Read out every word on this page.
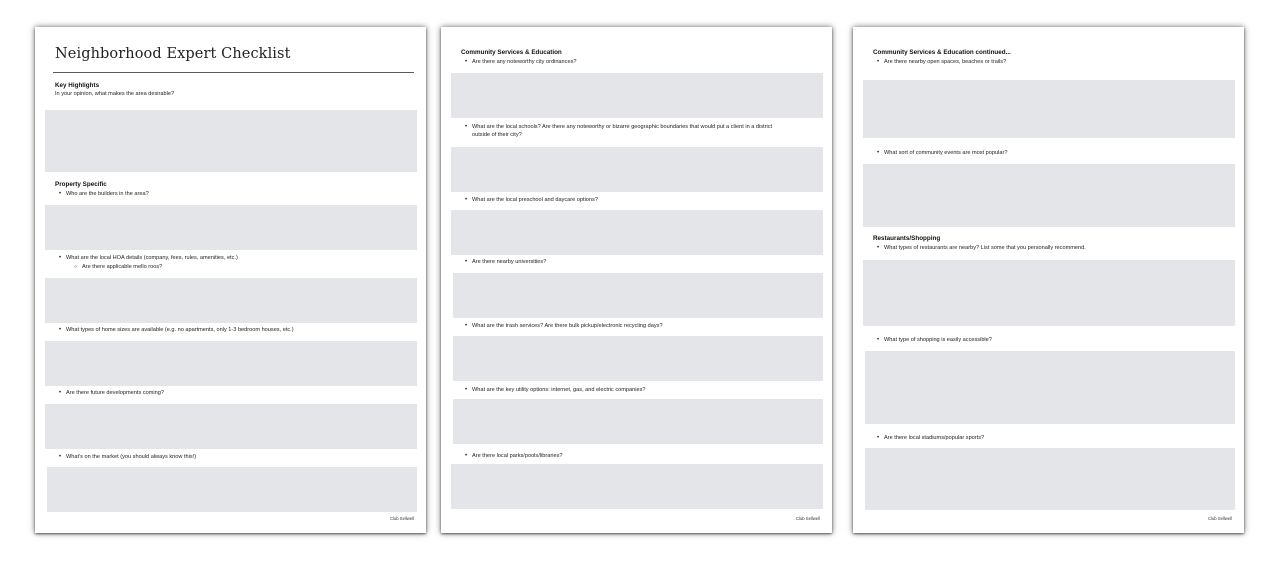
Neighborhood Expert Checklist
Key Highlights
In your opinion, what makes the area desirable?
Property Specific
• Who are the builders in the area?
• What are the local HOA details (company, fees, rules, amenities, etc.)
○ Are there applicable mello roos?
• What types of home sizes are available (e.g. no apartments, only 1-3 bedroom houses, etc.)
• Are there future developments coming?
• What's on the market (you should always know this!)
Club Sellwell
Community Services & Education
• Are there any noteworthy city ordinances?
• What are the local schools? Are there any noteworthy or bizarre geographic boundaries that would put a client in a district outside of their city?
• What are the local preschool and daycare options?
• Are there nearby universities?
• What are the trash services? Are there bulk pickup/electronic recycling days?
• What are the key utility options: internet, gas, and electric companies?
• Are there local parks/pools/libraries?
Club Sellwell
Community Services & Education continued...
• Are there nearby open spaces, beaches or trails?
• What sort of community events are most popular?
Restaurants/Shopping
• What types of restaurants are nearby? List some that you personally recommend.
• What type of shopping is easily accessible?
• Are there local stadiums/popular sports?
Club Sellwell
